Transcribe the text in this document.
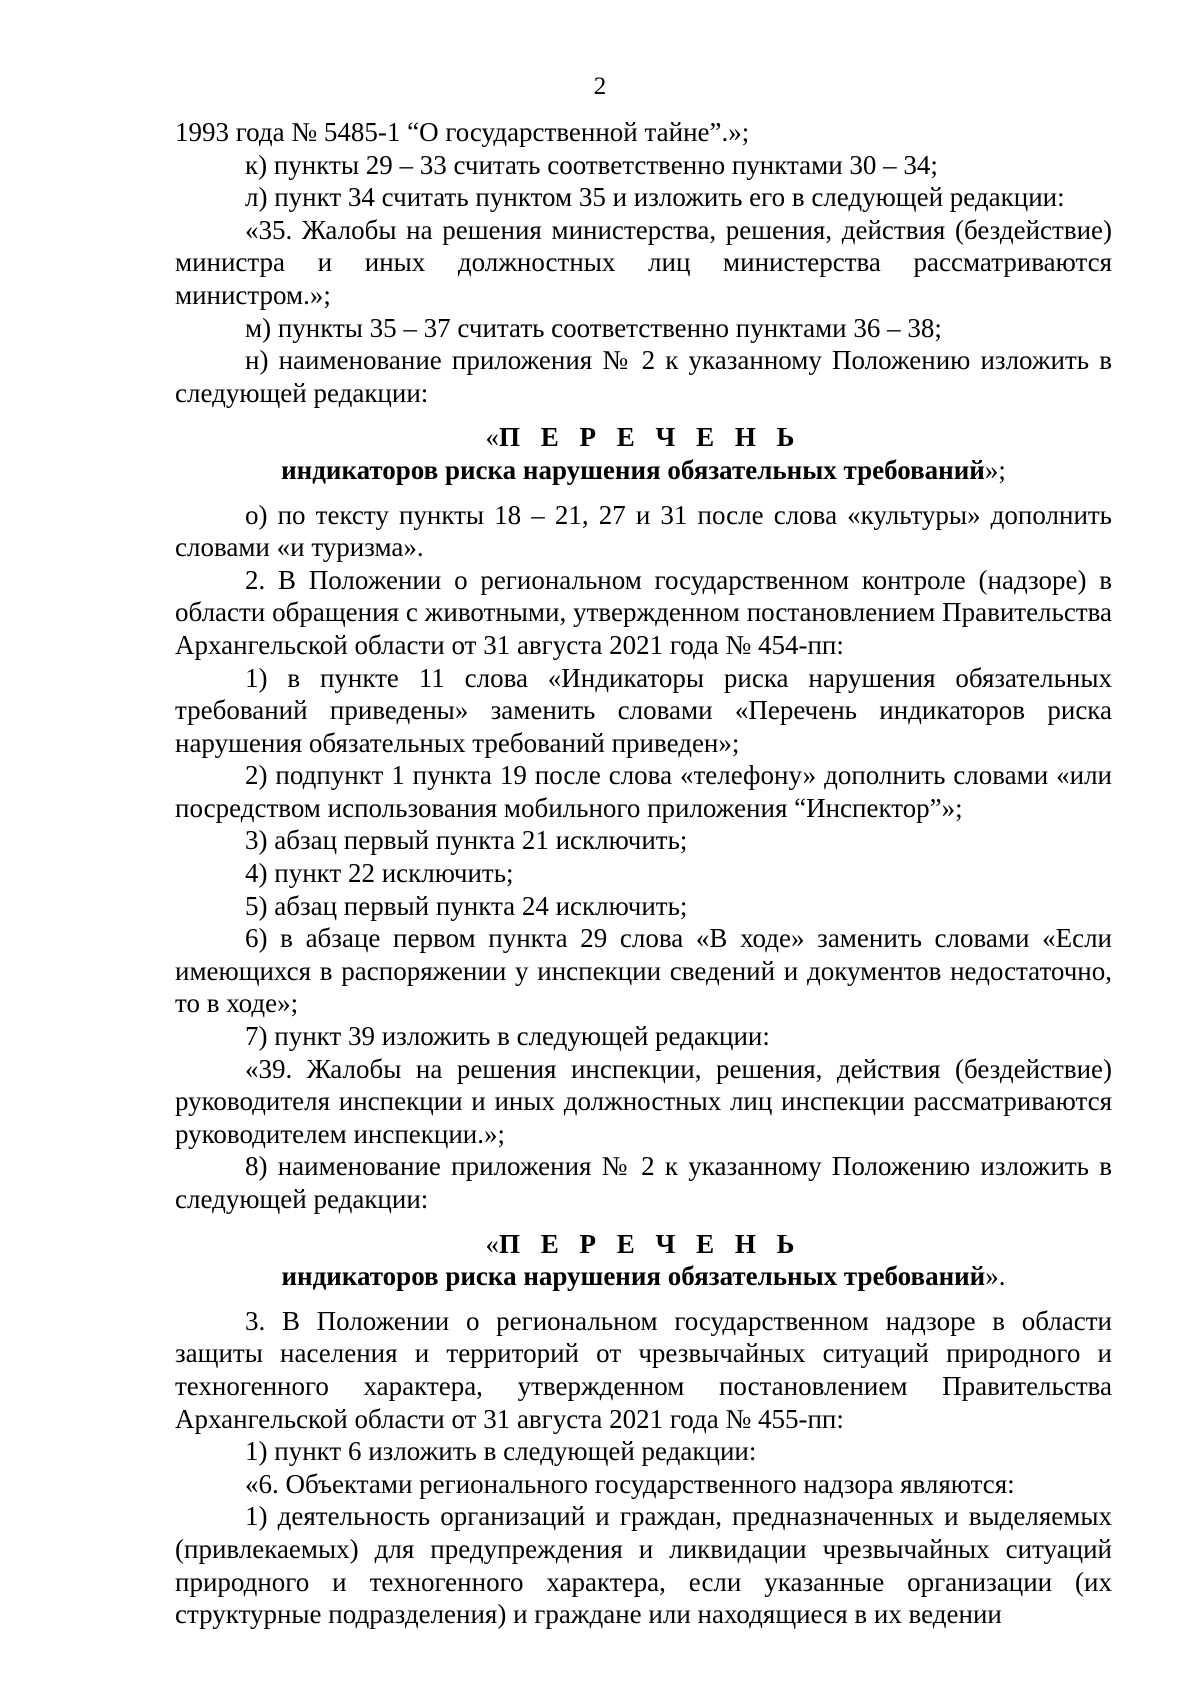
2

1993 года № 5485-1 “О государственной тайне”.»;

к) пункты 29 – 33 считать соответственно пунктами 30 – 34;

л) пункт 34 считать пунктом 35 и изложить его в следующей редакции:

«35. Жалобы на решения министерства, решения, действия (бездействие) министра и иных должностных лиц министерства рассматриваются министром.»;

м) пункты 35 – 37 считать соответственно пунктами 36 – 38;

н) наименование приложения № 2 к указанному Положению изложить в следующей редакции:

«П Е Р Е Ч Е Н Ь
индикаторов риска нарушения обязательных требований»;

о) по тексту пункты 18 – 21, 27 и 31 после слова «культуры» дополнить словами «и туризма».

2. В Положении о региональном государственном контроле (надзоре) в области обращения с животными, утвержденном постановлением Правительства Архангельской области от 31 августа 2021 года № 454-пп:

1) в пункте 11 слова «Индикаторы риска нарушения обязательных требований приведены» заменить словами «Перечень индикаторов риска нарушения обязательных требований приведен»;

2) подпункт 1 пункта 19 после слова «телефону» дополнить словами «или посредством использования мобильного приложения “Инспектор”»;

3) абзац первый пункта 21 исключить;

4) пункт 22 исключить;

5) абзац первый пункта 24 исключить;

6) в абзаце первом пункта 29 слова «В ходе» заменить словами «Если имеющихся в распоряжении у инспекции сведений и документов недостаточно, то в ходе»;

7) пункт 39 изложить в следующей редакции:

«39. Жалобы на решения инспекции, решения, действия (бездействие) руководителя инспекции и иных должностных лиц инспекции рассматриваются руководителем инспекции.»;

8) наименование приложения № 2 к указанному Положению изложить в следующей редакции:

«П Е Р Е Ч Е Н Ь
индикаторов риска нарушения обязательных требований».

3. В Положении о региональном государственном надзоре в области защиты населения и территорий от чрезвычайных ситуаций природного и техногенного характера, утвержденном постановлением Правительства Архангельской области от 31 августа 2021 года № 455-пп:

1) пункт 6 изложить в следующей редакции:

«6. Объектами регионального государственного надзора являются:

1) деятельность организаций и граждан, предназначенных и выделяемых (привлекаемых) для предупреждения и ликвидации чрезвычайных ситуаций природного и техногенного характера, если указанные организации (их структурные подразделения) и граждане или находящиеся в их ведении
